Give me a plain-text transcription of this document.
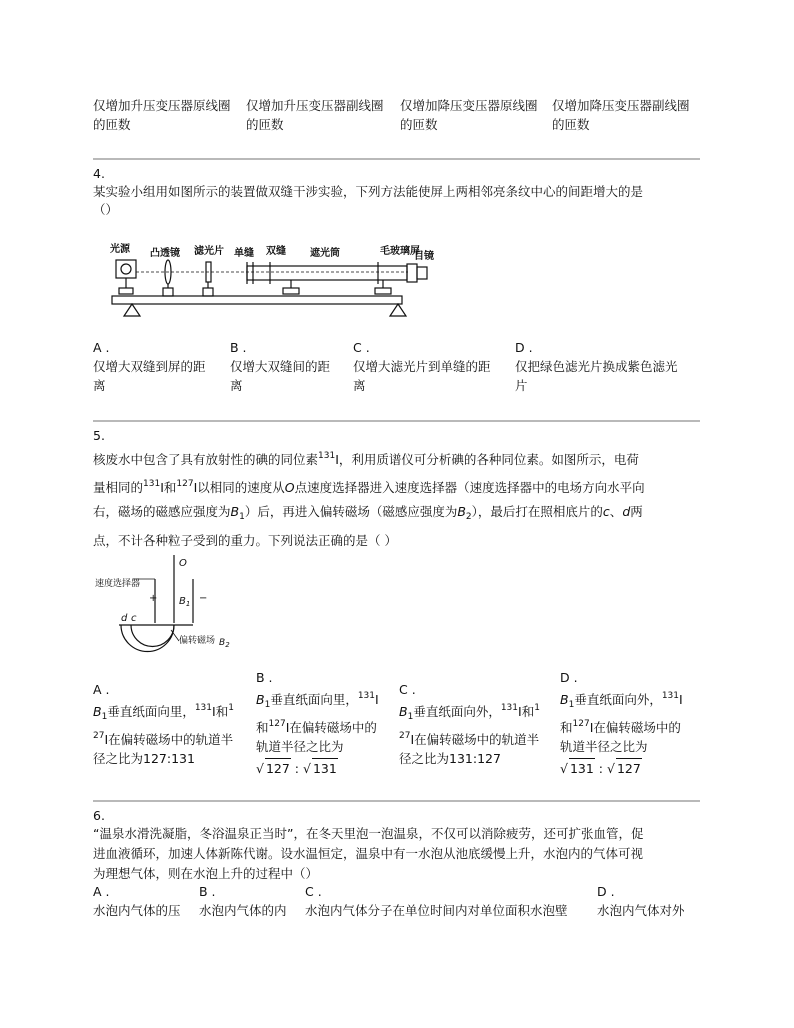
仅增加升压变压器原线圈
的匝数
仅增加升压变压器副线圈
的匝数
仅增加降压变压器原线圈
的匝数
仅增加降压变压器副线圈
的匝数
4.
某实验小组用如图所示的装置做双缝干涉实验，下列方法能使屏上两相邻亮条纹中心的间距增大的是
（）
光源 凸透镜 滤光片 单缝 双缝 遮光筒	毛玻璃屏
目镜
A .
仅增大双缝到屏的距
离
B .
仅增大双缝间的距
离
C .
仅增大滤光片到单缝的距
离
D .
仅把绿色滤光片换成紫色滤光
片
5.
核废水中包含了具有放射性的碘的同位素$^{131}$I，利用质谱仪可分析碘的各种同位素。如图所示，电荷
量相同的$^{131}$I和$^{127}$I以相同的速度从O点速度选择器进入速度选择器（速度选择器中的电场方向水平向
右，磁场的磁感应强度为$B_1$）后，再进入偏转磁场（磁感应强度为$B_2$），最后打在照相底片的c、d两
点，不计各种粒子受到的重力。下列说法正确的是（ ）
速度选择器
O
+	−
$B_1$
d c
偏转磁场 $B_2$
A .
$B_1$垂直纸面向里，$^{131}$I和$^1$
$^{27}$I在偏转磁场中的轨道半
径之比为127:131
B .
$B_1$垂直纸面向里，$^{131}$I
和$^{127}$I在偏转磁场中的
轨道半径之比为
√ 127 : √ 131
C .
$B_1$垂直纸面向外，$^{131}$I和$^1$
$^{27}$I在偏转磁场中的轨道半
径之比为131:127
D .
$B_1$垂直纸面向外，$^{131}$I
和$^{127}$I在偏转磁场中的
轨道半径之比为
√ 131 : √ 127
6.
“温泉水滑洗凝脂，冬浴温泉正当时”，在冬天里泡一泡温泉，不仅可以消除疲劳，还可扩张血管，促
进血液循环，加速人体新陈代谢。设水温恒定，温泉中有一水泡从池底缓慢上升，水泡内的气体可视
为理想气体，则在水泡上升的过程中（）
A .
水泡内气体的压
B .
水泡内气体的内
C .
水泡内气体分子在单位时间内对单位面积水泡壁
D .
水泡内气体对外
